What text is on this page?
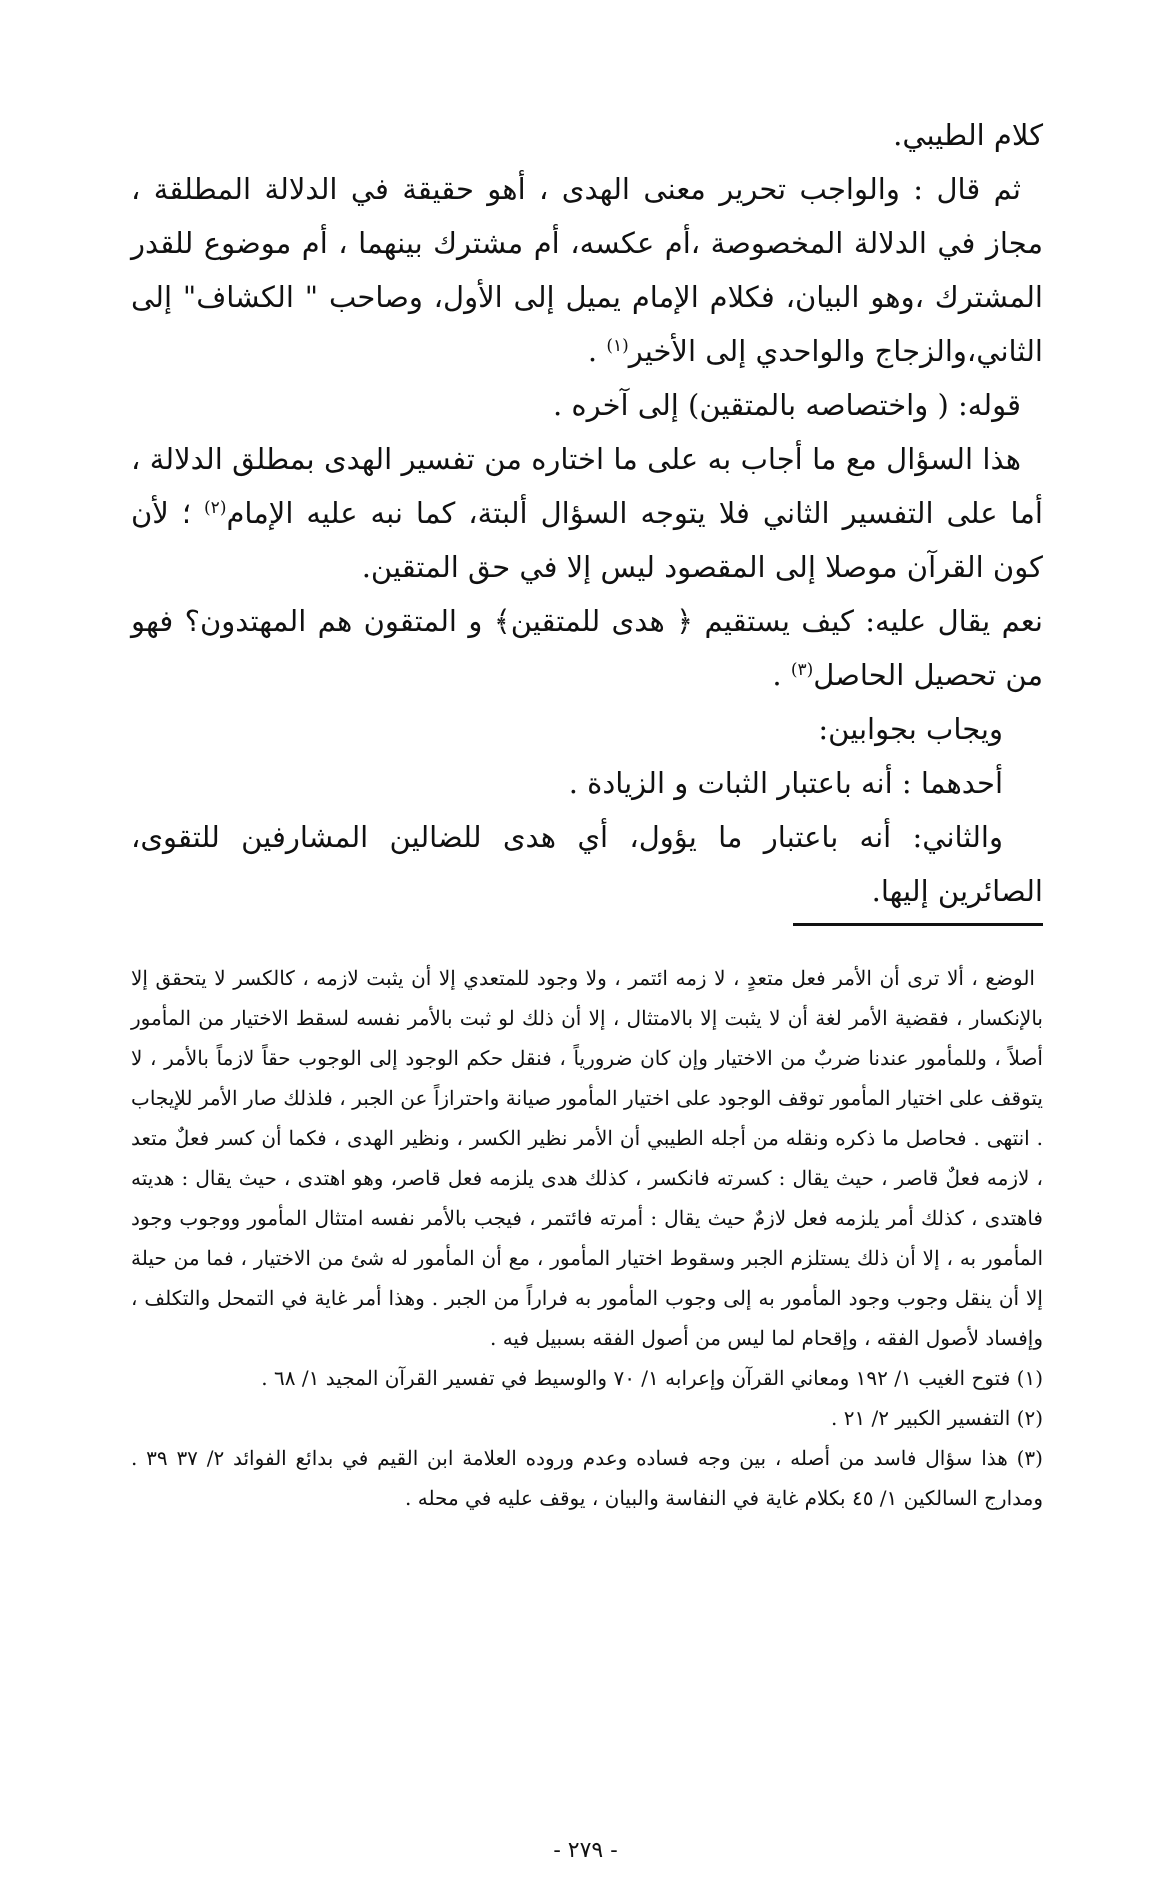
كلام الطيبي.

ثم قال : والواجب تحرير معنى الهدى ، أهو حقيقة في الدلالة المطلقة ، مجاز في الدلالة المخصوصة ،أم عكسه، أم مشترك بينهما ، أم موضوع للقدر المشترك ،وهو البيان، فكلام الإمام يميل إلى الأول، وصاحب " الكشاف" إلى الثاني،والزجاج والواحدي إلى الأخير$^{(١)}$ .

قوله: ( واختصاصه بالمتقين) إلى آخره .

هذا السؤال مع ما أجاب به على ما اختاره من تفسير الهدى بمطلق الدلالة ، أما على التفسير الثاني فلا يتوجه السؤال ألبتة، كما نبه عليه الإمام$^{(٢)}$ ؛ لأن كون القرآن موصلا إلى المقصود ليس إلا في حق المتقين.

نعم يقال عليه: كيف يستقيم ﴿ هدى للمتقين﴾ و المتقون هم المهتدون؟ فهو من تحصيل الحاصل$^{(٣)}$ .

ويجاب بجوابين:

أحدهما : أنه باعتبار الثبات و الزيادة .

والثاني: أنه باعتبار ما يؤول، أي هدى للضالين المشارفين للتقوى، الصائرين إليها.

الوضع ، ألا ترى أن الأمر فعل متعدٍ ، لا زمه ائتمر ، ولا وجود للمتعدي إلا أن يثبت لازمه ، كالكسر لا يتحقق إلا بالإنكسار ، فقضية الأمر لغة أن لا يثبت إلا بالامتثال ، إلا أن ذلك لو ثبت بالأمر نفسه لسقط الاختيار من المأمور أصلاً ، وللمأمور عندنا ضربٌ من الاختيار وإن كان ضرورياً ، فنقل حكم الوجود إلى الوجوب حقاً لازماً بالأمر ، لا يتوقف على اختيار المأمور توقف الوجود على اختيار المأمور صيانة واحترازاً عن الجبر ، فلذلك صار الأمر للإيجاب . انتهى . فحاصل ما ذكره ونقله من أجله الطيبي أن الأمر نظير الكسر ، ونظير الهدى ، فكما أن كسر فعلٌ متعد ، لازمه فعلٌ قاصر ، حيث يقال : كسرته فانكسر ، كذلك هدى يلزمه فعل قاصر، وهو اهتدى ، حيث يقال : هديته فاهتدى ، كذلك أمر يلزمه فعل لازمٌ حيث يقال : أمرته فائتمر ، فيجب بالأمر نفسه امتثال المأمور ووجوب وجود المأمور به ، إلا أن ذلك يستلزم الجبر وسقوط اختيار المأمور ، مع أن المأمور له شئ من الاختيار ، فما من حيلة إلا أن ينقل وجوب وجود المأمور به إلى وجوب المأمور به فراراً من الجبر . وهذا أمر غاية في التمحل والتكلف ، وإفساد لأصول الفقه ، وإقحام لما ليس من أصول الفقه بسبيل فيه .

(١) فتوح الغيب ١/ ١٩٢ ومعاني القرآن وإعرابه ١/ ٧٠ والوسيط في تفسير القرآن المجيد ١/ ٦٨ .

(٢) التفسير الكبير ٢/ ٢١ .

(٣) هذا سؤال فاسد من أصله ، بين وجه فساده وعدم وروده العلامة ابن القيم في بدائع الفوائد ٢/ ٣٧ ٣٩ . ومدارج السالكين ١/ ٤٥ بكلام غاية في النفاسة والبيان ، يوقف عليه في محله .

- ٢٧٩ -
